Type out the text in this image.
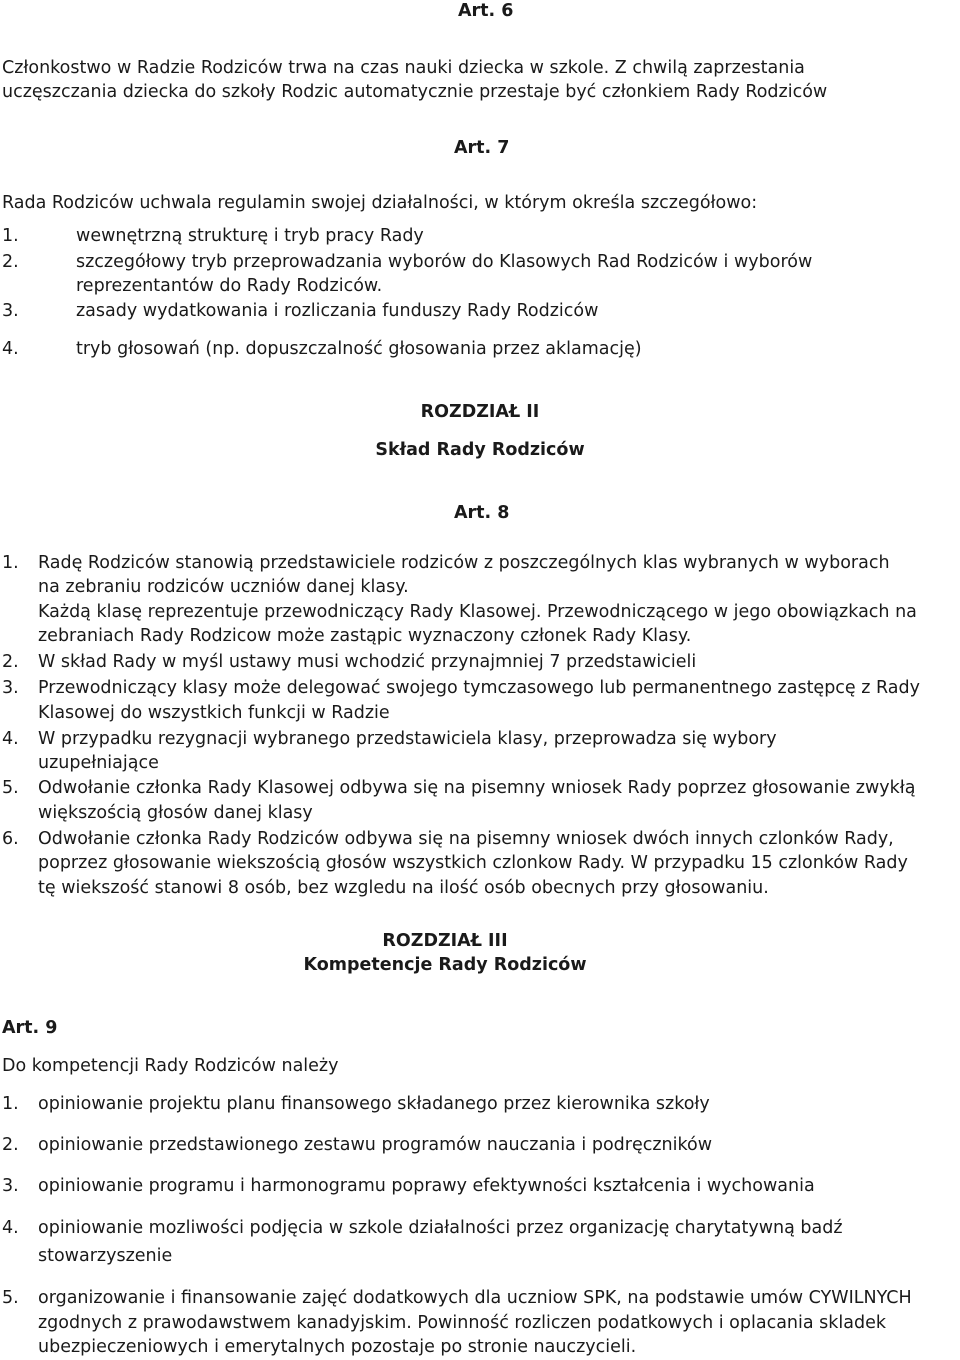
Art. 6
Członkostwo w Radzie Rodziców trwa na czas nauki dziecka w szkole. Z chwilą zaprzestania
uczęszczania dziecka do szkoły Rodzic automatycznie przestaje być członkiem Rady Rodziców
Art. 7
Rada Rodziców uchwala regulamin swojej działalności, w którym określa szczegółowo:
1.	wewnętrzną strukturę i tryb pracy Rady
2.	szczegółowy tryb przeprowadzania wyborów do Klasowych Rad Rodziców i wyborów
reprezentantów do Rady Rodziców.
3.	zasady wydatkowania i rozliczania funduszy Rady Rodziców
4.	tryb głosowań (np. dopuszczalność głosowania przez aklamację)
ROZDZIAŁ II
Skład Rady Rodziców
Art. 8
1. Radę Rodziców stanowią przedstawiciele rodziców z poszczególnych klas wybranych w wyborach
na zebraniu rodziców uczniów danej klasy.
Każdą klasę reprezentuje przewodniczący Rady Klasowej. Przewodniczącego w jego obowiązkach na
zebraniach Rady Rodzicow może zastąpic wyznaczony członek Rady Klasy.
2. W skład Rady w myśl ustawy musi wchodzić przynajmniej 7 przedstawicieli
3. Przewodniczący klasy może delegować swojego tymczasowego lub permanentnego zastępcę z Rady
Klasowej do wszystkich funkcji w Radzie
4. W przypadku rezygnacji wybranego przedstawiciela klasy, przeprowadza się wybory
uzupełniające
5. Odwołanie członka Rady Klasowej odbywa się na pisemny wniosek Rady poprzez głosowanie zwykłą
większością głosów danej klasy
6. Odwołanie członka Rady Rodziców odbywa się na pisemny wniosek dwóch innych czlonków Rady,
poprzez głosowanie wiekszością głosów wszystkich czlonkow Rady. W przypadku 15 czlonków Rady
tę wiekszość stanowi 8 osób, bez wzgledu na ilość osób obecnych przy głosowaniu.
ROZDZIAŁ III
Kompetencje Rady Rodziców
Art. 9
Do kompetencji Rady Rodziców należy
1. opiniowanie projektu planu finansowego składanego przez kierownika szkoły
2. opiniowanie przedstawionego zestawu programów nauczania i podręczników
3. opiniowanie programu i harmonogramu poprawy efektywności kształcenia i wychowania
4. opiniowanie mozliwości podjęcia w szkole działalności przez organizację charytatywną badź
stowarzyszenie
5. organizowanie i finansowanie zajęć dodatkowych dla uczniow SPK, na podstawie umów CYWILNYCH
zgodnych z prawodawstwem kanadyjskim. Powinność rozliczen podatkowych i oplacania skladek
ubezpieczeniowych i emerytalnych pozostaje po stronie nauczycieli.
